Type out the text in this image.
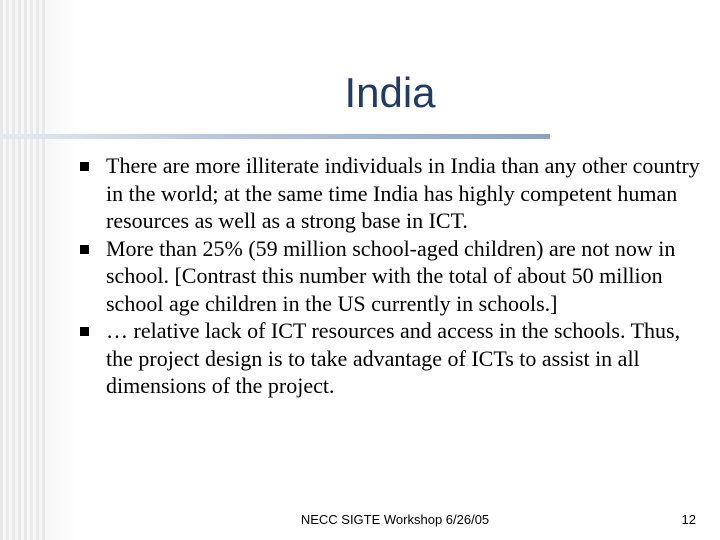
India
There are more illiterate individuals in India than any other country in the world; at the same time India has highly competent human resources as well as a strong base in ICT.
More than 25% (59 million school-aged children) are not now in school. [Contrast this number with the total of about 50 million school age children in the US currently in schools.]
… relative lack of ICT resources and access in the schools. Thus, the project design is to take advantage of ICTs to assist in all dimensions of the project.
NECC SIGTE Workshop 6/26/05	12
